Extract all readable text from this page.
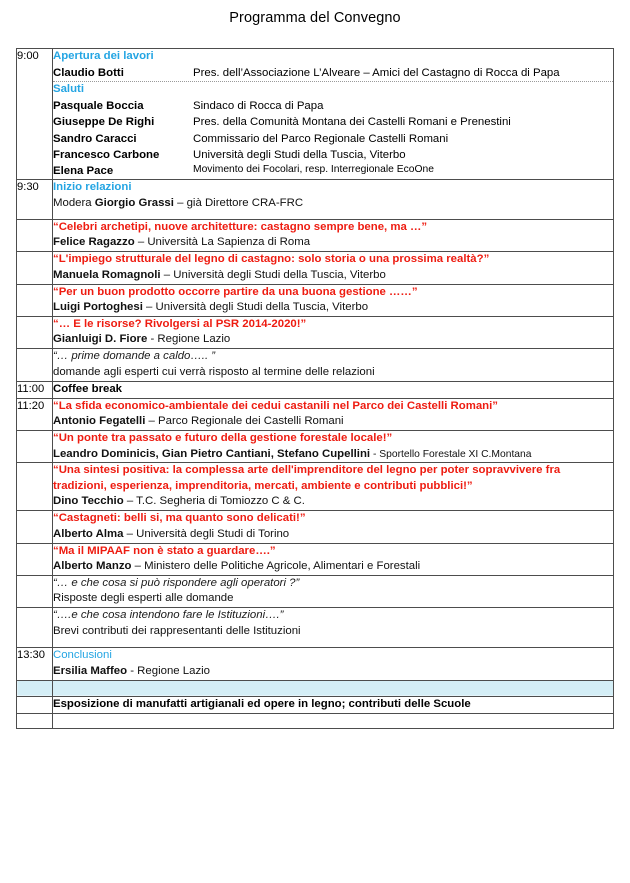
Programma del Convegno
9:00	Apertura dei lavori
Claudio Botti Pres. dell’Associazione L’Alveare – Amici del Castagno di Rocca di Papa

Saluti
Pasquale Boccia	Sindaco di Rocca di Papa
Giuseppe De Righi	Pres. della Comunità Montana dei Castelli Romani e Prenestini
Sandro Caracci	Commissario del Parco Regionale Castelli Romani
Francesco Carbone	Università degli Studi della Tuscia, Viterbo
Elena Pace	Movimento dei Focolari, resp. Interregionale EcoOne

9:30	Inizio relazioni
Modera Giorgio Grassi – già Direttore CRA-FRC

	“Celebri archetipi, nuove architetture: castagno sempre bene, ma …”
Felice Ragazzo – Università La Sapienza di Roma

	“L'impiego strutturale del legno di castagno: solo storia o una prossima realtà?”
Manuela Romagnoli – Università degli Studi della Tuscia, Viterbo

	“Per un buon prodotto occorre partire da una buona gestione ……”
Luigi Portoghesi – Università degli Studi della Tuscia, Viterbo

	“… E le risorse? Rivolgersi al PSR 2014-2020!”
Gianluigi D. Fiore - Regione Lazio

	“… prime domande a caldo….. ”
domande agli esperti cui verrà risposto al termine delle relazioni

11:00	Coffee break

11:20	“La sfida economico-ambientale dei cedui castanili nel Parco dei Castelli Romani”
Antonio Fegatelli – Parco Regionale dei Castelli Romani

	“Un ponte tra passato e futuro della gestione forestale locale!”
Leandro Dominicis, Gian Pietro Cantiani, Stefano Cupellini - Sportello Forestale XI C.Montana

	“Una sintesi positiva: la complessa arte dell'imprenditore del legno per poter sopravvivere fra tradizioni, esperienza, imprenditoria, mercati, ambiente e contributi pubblici!”
Dino Tecchio – T.C. Segheria di Tomiozzo C & C.

	“Castagneti: belli si, ma quanto sono delicati!”
Alberto Alma – Università degli Studi di Torino

	“Ma il MIPAAF non è stato a guardare….”
Alberto Manzo – Ministero delle Politiche Agricole, Alimentari e Forestali

	“… e che cosa si può rispondere agli operatori ?”
Risposte degli esperti alle domande

	“….e che cosa intendono fare le Istituzioni….”
Brevi contributi dei rappresentanti delle Istituzioni

13:30	Conclusioni
Ersilia Maffeo - Regione Lazio

	Esposizione di manufatti artigianali ed opere in legno; contributi delle Scuole
